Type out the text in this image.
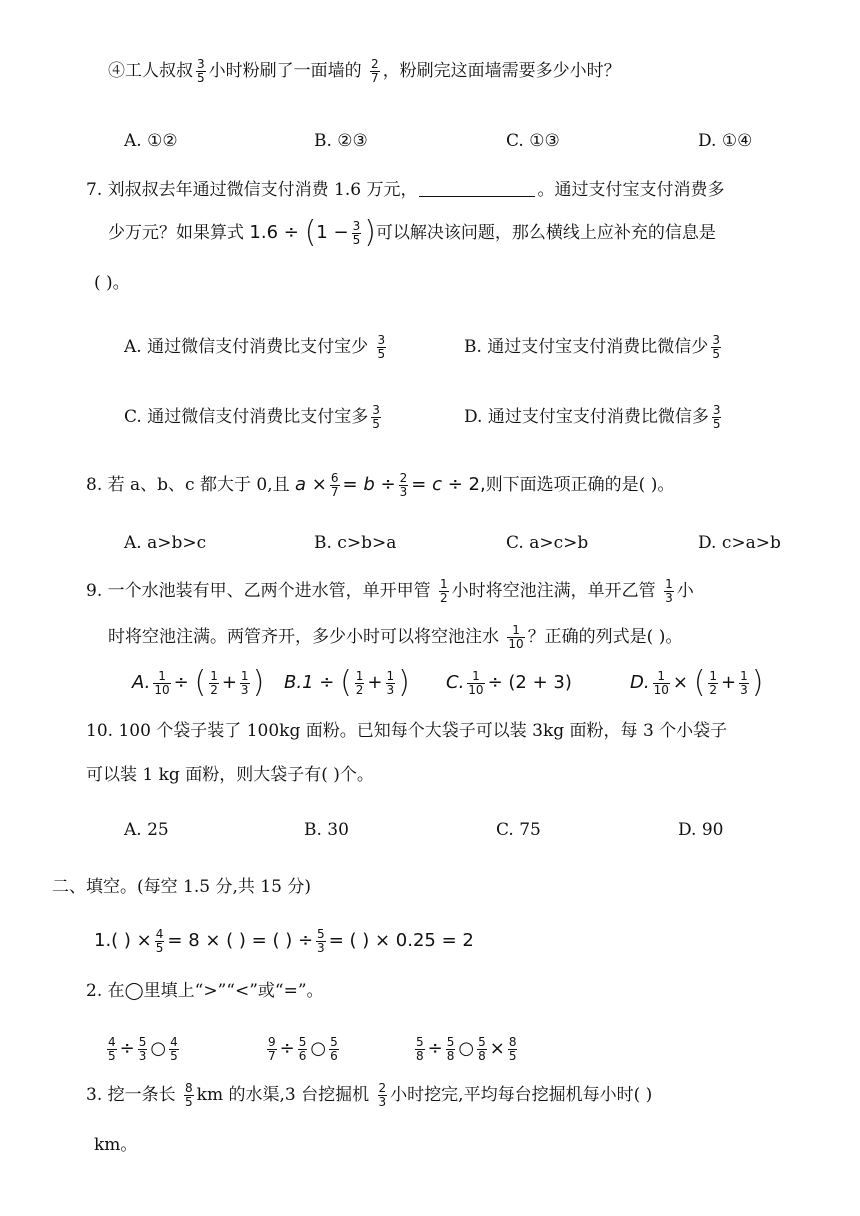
④工人叔叔 $\frac{3}{5}$ 小时粉刷了一面墙的 $\frac{2}{7}$ ，粉刷完这面墙需要多少小时？
A. ①②	B. ②③	C. ①③	D. ①④
7. 刘叔叔去年通过微信支付消费 1.6 万元，	。通过支付宝支付消费多
少万元？如果算式 $1.6 \div (1 - \frac{3}{5}$ )可以解决该问题，那么横线上应补充的信息是
( )。
A. 通过微信支付消费比支付宝少 $\frac{3}{5}$	B. 通过支付宝支付消费比微信少 $\frac{3}{5}$
C. 通过微信支付消费比支付宝多 $\frac{3}{5}$	D. 通过支付宝支付消费比微信多 $\frac{3}{5}$
8. 若 a、b、c 都大于 0,且 $a \times \frac{6}{7} = b \div \frac{2}{3} = c \div 2$,则下面选项正确的是( )。
A. a>b>c	B. c>b>a	C. a>c>b	D. c>a>b
9. 一个水池装有甲、乙两个进水管，单开甲管 $\frac{1}{2}$ 小时将空池注满，单开乙管 $\frac{1}{3}$ 小
时将空池注满。两管齐开，多少小时可以将空池注水 $\frac{1}{10}$ ？正确的列式是( )。
A. $\frac{1}{10}$ ÷ ( $\frac{1}{2} + \frac{1}{3}$ ) B.1 ÷ ( $\frac{1}{2} + \frac{1}{3}$ ) C. $\frac{1}{10} \div (2 + 3)$	D. $\frac{1}{10}$ × ( $\frac{1}{2} + \frac{1}{3}$ )
10. 100 个袋子装了 100kg 面粉。已知每个大袋子可以装 3kg 面粉，每 3 个小袋子
可以装 1 kg 面粉，则大袋子有( )个。
A. 25	B. 30	C. 75	D. 90
二、填空。(每空 1.5 分,共 15 分)
1.( ) × $\frac{4}{5} = 8$ × ( ) = ( ) ÷ $\frac{5}{3}$ = ( ) × 0.25 = 2
2. 在◯里填上“>”“<”或“=”。
$\frac{4}{5} \div \frac{5}{3}$ ○ $\frac{4}{5}$	$\frac{9}{7} \div \frac{5}{6}$ ○ $\frac{5}{6}$	$\frac{5}{8} \div \frac{5}{8}$ ○ $\frac{5}{8} \times \frac{8}{5}$
3. 挖一条长 $\frac{8}{5}$ km 的水渠,3 台挖掘机 $\frac{2}{3}$ 小时挖完,平均每台挖掘机每小时( )
km。
